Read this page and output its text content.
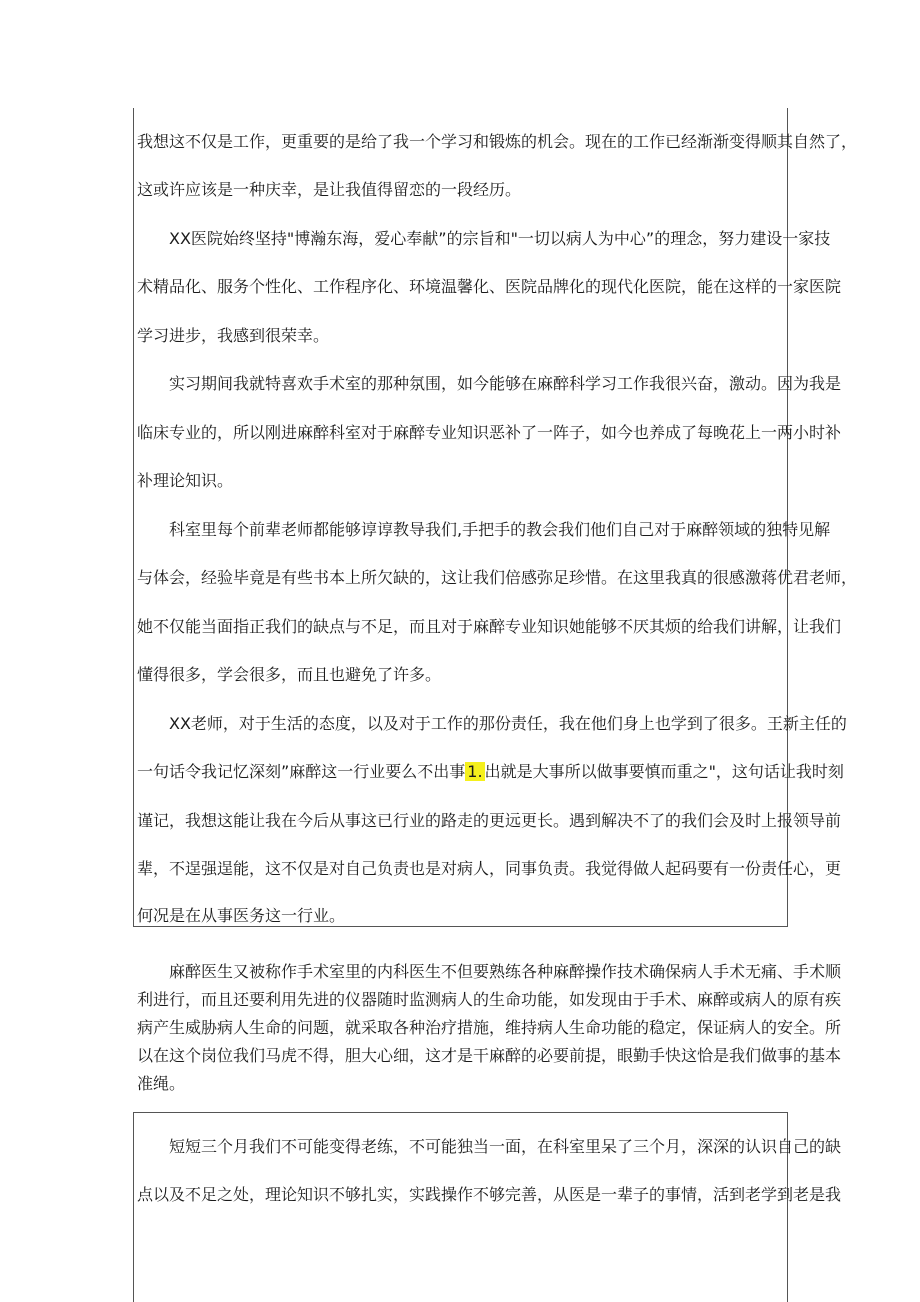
我想这不仅是工作，更重要的是给了我一个学习和锻炼的机会。现在的工作已经渐渐变得顺其自然了，
这或许应该是一种庆幸，是让我值得留恋的一段经历。
　　XX医院始终坚持"博瀚东海，爱心奉献”的宗旨和"一切以病人为中心”的理念，努力建设一家技
术精品化、服务个性化、工作程序化、环境温馨化、医院品牌化的现代化医院，能在这样的一家医院
学习进步，我感到很荣幸。
　　实习期间我就特喜欢手术室的那种氛围，如今能够在麻醉科学习工作我很兴奋，激动。因为我是
临床专业的，所以刚进麻醉科室对于麻醉专业知识恶补了一阵子，如今也养成了每晚花上一两小时补
补理论知识。
　　科室里每个前辈老师都能够谆谆教导我们,手把手的教会我们他们自己对于麻醉领域的独特见解
与体会，经验毕竟是有些书本上所欠缺的，这让我们倍感弥足珍惜。在这里我真的很感激蒋优君老师，
她不仅能当面指正我们的缺点与不足，而且对于麻醉专业知识她能够不厌其烦的给我们讲解，让我们
懂得很多，学会很多，而且也避免了许多。
　　XX老师，对于生活的态度，以及对于工作的那份责任，我在他们身上也学到了很多。王新主任的
一句话令我记忆深刻”麻醉这一行业要么不出事 1. 出就是大事所以做事要慎而重之"，这句话让我时刻
谨记，我想这能让我在今后从事这已行业的路走的更远更长。遇到解决不了的我们会及时上报领导前
辈，不逞强逞能，这不仅是对自己负责也是对病人，同事负责。我觉得做人起码要有一份责任心，更
何况是在从事医务这一行业。
　　麻醉医生又被称作手术室里的内科医生不但要熟练各种麻醉操作技术确保病人手术无痛、手术顺
利进行，而且还要利用先进的仪器随时监测病人的生命功能，如发现由于手术、麻醉或病人的原有疾
病产生威胁病人生命的问题，就采取各种治疗措施，维持病人生命功能的稳定，保证病人的安全。所
以在这个岗位我们马虎不得，胆大心细，这才是干麻醉的必要前提，眼勤手快这恰是我们做事的基本
准绳。
　　短短三个月我们不可能变得老练，不可能独当一面，在科室里呆了三个月，深深的认识自己的缺
点以及不足之处，理论知识不够扎实，实践操作不够完善，从医是一辈子的事情，活到老学到老是我
